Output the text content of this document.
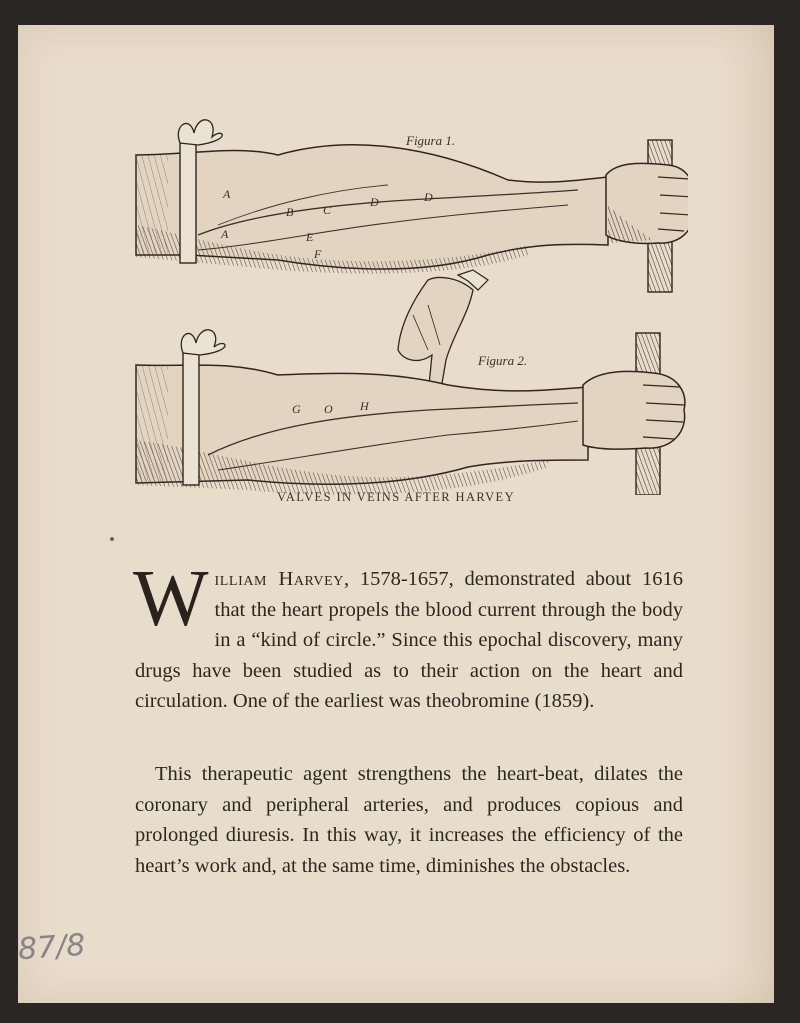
Figura 1.
Figura 2.
A
A
B C
D	D
E
F
G O H
VALVES IN VEINS AFTER HARVEY
William Harvey, 1578-1657, demonstrated about 1616 that the heart propels the blood current through the body in a “kind of circle.” Since this epochal discovery, many drugs have been studied as to their action on the heart and circulation. One of the earliest was theobromine (1859).
This therapeutic agent strengthens the heart-beat, dilates the coronary and peripheral arteries, and produces copious and prolonged diuresis. In this way, it increases the efficiency of the heart’s work and, at the same time, diminishes the obstacles.
87/8
